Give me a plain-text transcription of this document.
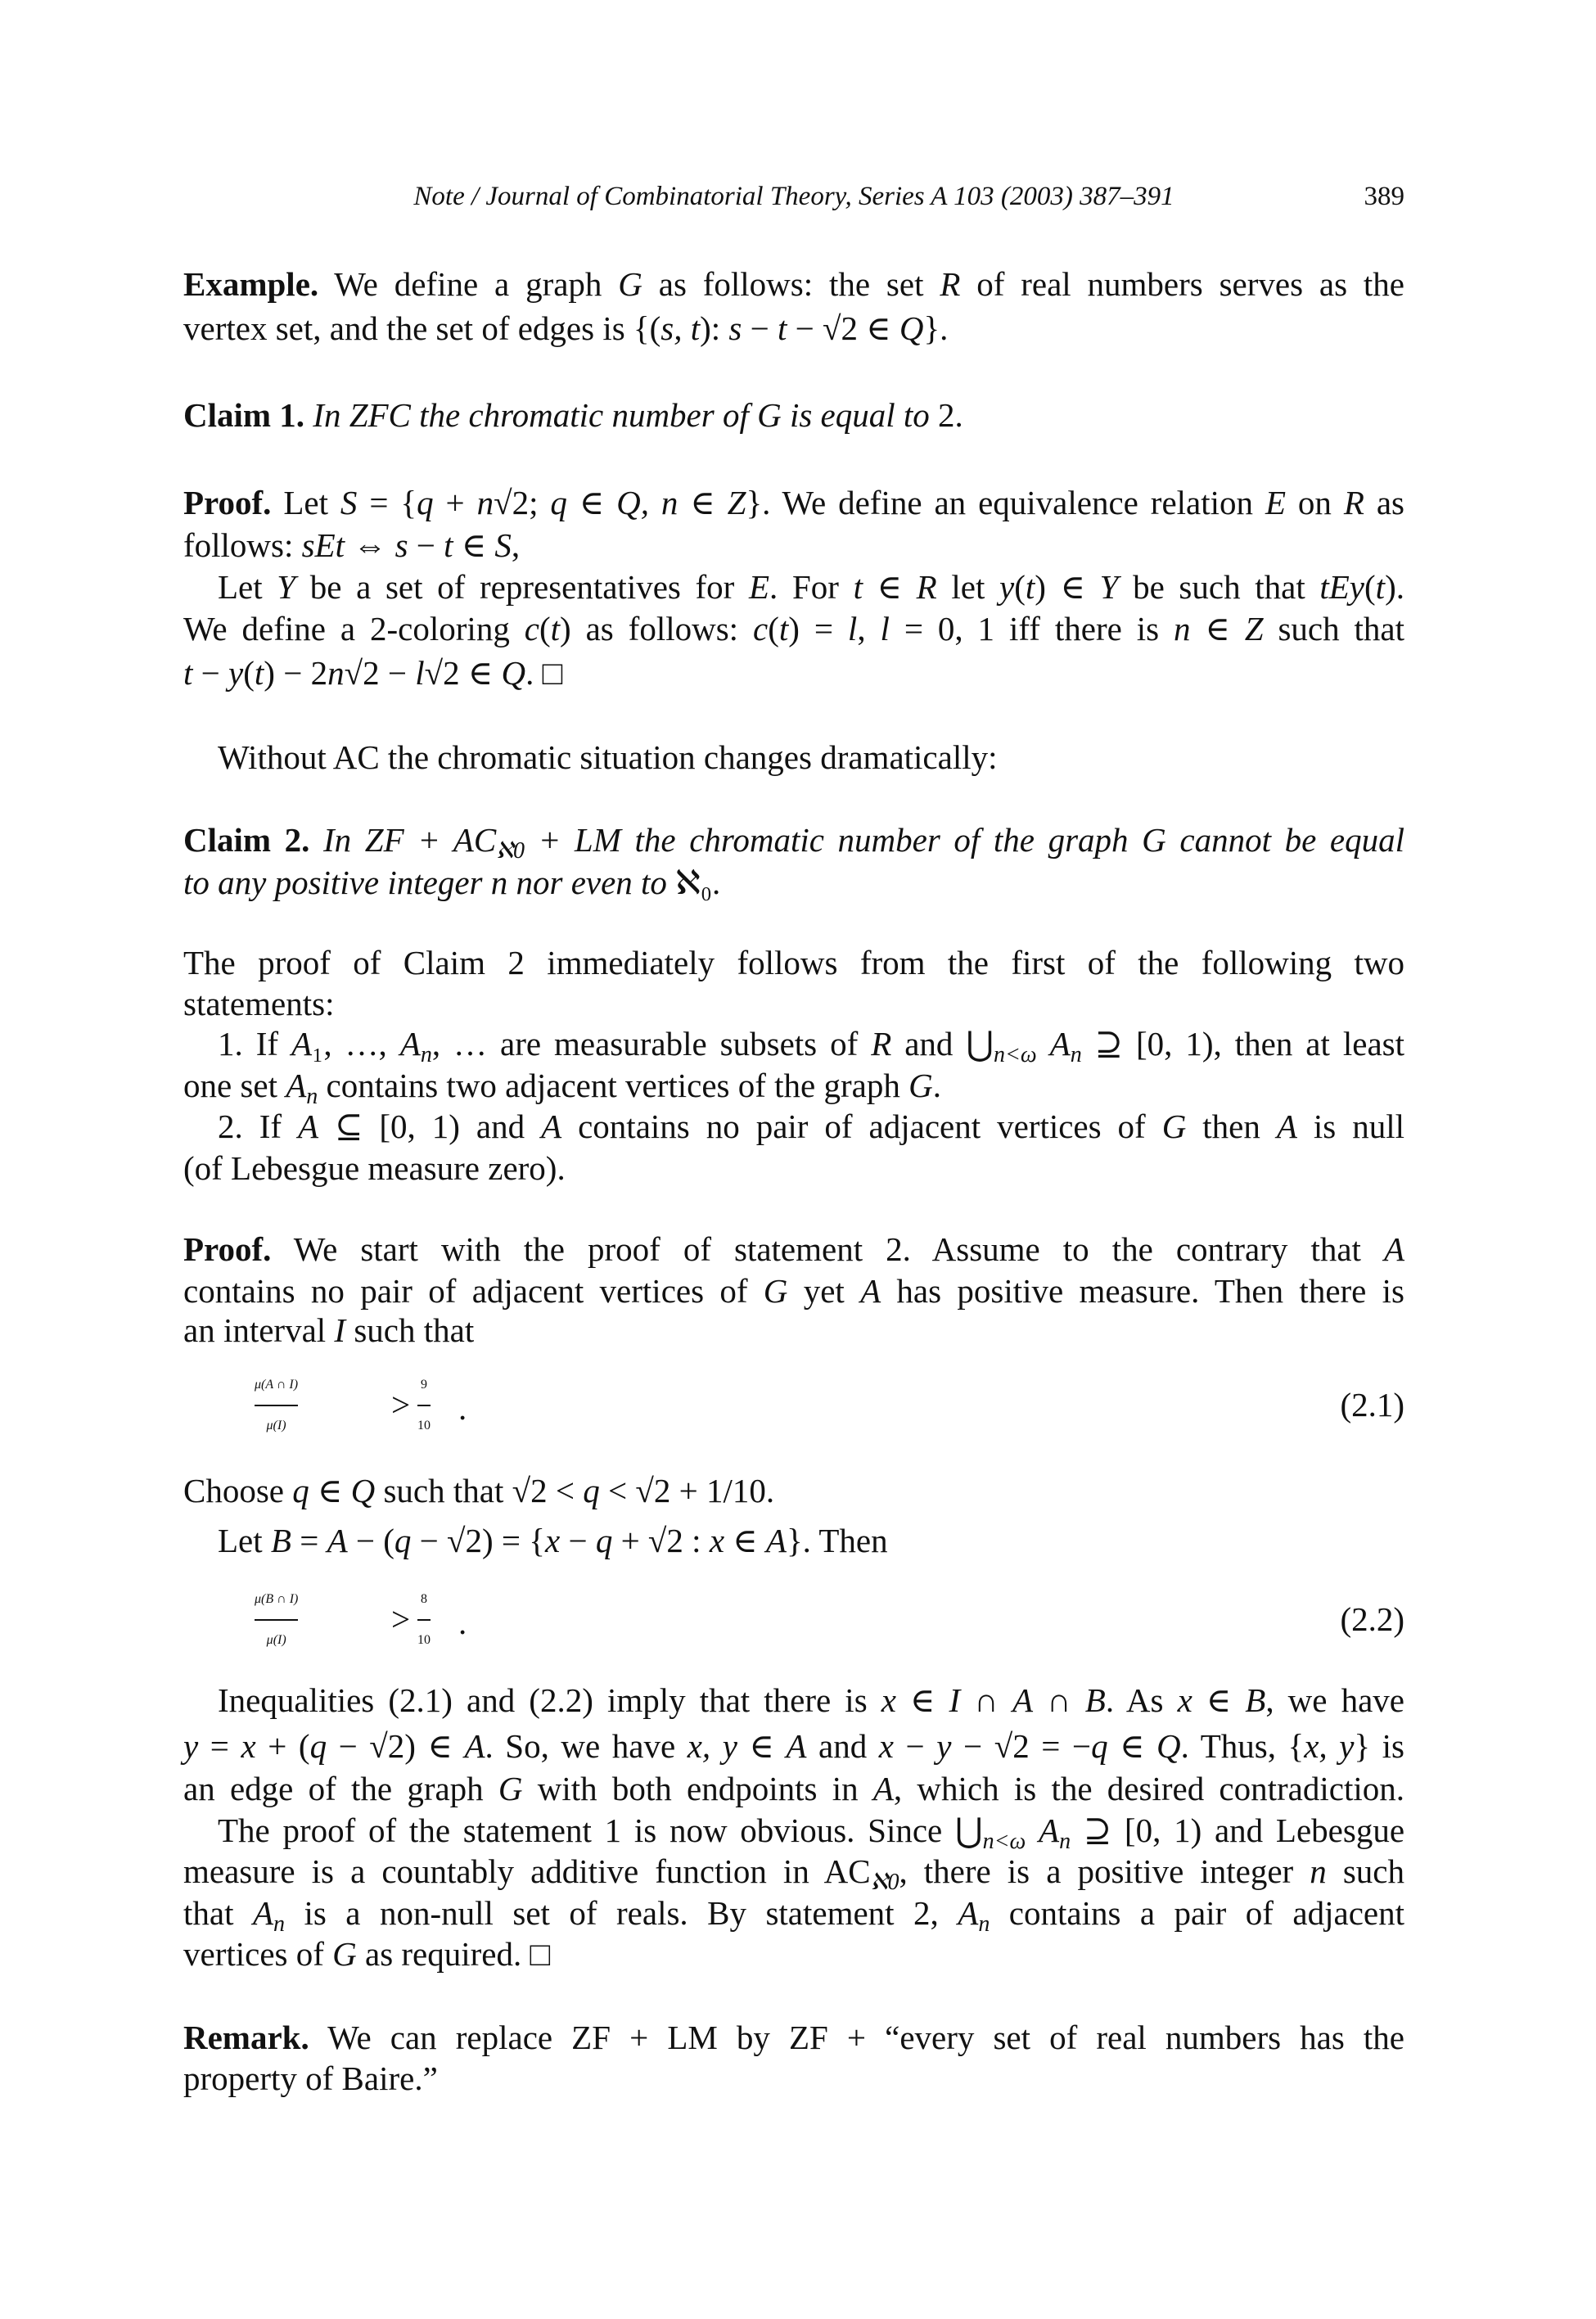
Note / Journal of Combinatorial Theory, Series A 103 (2003) 387–391	389
Example. We define a graph G as follows: the set R of real numbers serves as the
vertex set, and the set of edges is {(s, t): s − t − √2 ∈ Q}.
Claim 1. In ZFC the chromatic number of G is equal to 2.
Proof. Let S = {q + n√2; q ∈ Q, n ∈ Z}. We define an equivalence relation E on R as
follows: sEt ⇔ s − t ∈ S,
Let Y be a set of representatives for E. For t ∈ R let y(t) ∈ Y be such that tEy(t).
We define a 2-coloring c(t) as follows: c(t) = l, l = 0, 1 iff there is n ∈ Z such that
t − y(t) − 2n√2 − l√2 ∈ Q. □
Without AC the chromatic situation changes dramatically:
Claim 2. In ZF + $AC_{ℵ0}$ + LM the chromatic number of the graph G cannot be equal
to any positive integer n nor even to ℵ₀.
The proof of Claim 2 immediately follows from the first of the following two
statements:
1. If A₁, …, $A_n$, … are measurable subsets of R and $⋃_{n<\omega}$ $A_n$ ⊇ [0, 1), then at least
one set $A_n$ contains two adjacent vertices of the graph G.
2. If A ⊆ [0, 1) and A contains no pair of adjacent vertices of G then A is null
(of Lebesgue measure zero).
Proof. We start with the proof of statement 2. Assume to the contrary that A
contains no pair of adjacent vertices of G yet A has positive measure. Then there is
an interval I such that
Choose q ∈ Q such that √2 < q < √2 + 1/10.
Let B = A − (q − √2) = {x − q + √2 : x ∈ A}. Then
Inequalities (2.1) and (2.2) imply that there is x ∈ I ∩ A ∩ B. As x ∈ B, we have
y = x + (q − √2) ∈ A. So, we have x, y ∈ A and x − y − √2 = −q ∈ Q. Thus, {x, y} is
an edge of the graph G with both endpoints in A, which is the desired contradiction.
The proof of the statement 1 is now obvious. Since $⋃_{n<\omega}$ $A_n$ ⊇ [0, 1) and Lebesgue
measure is a countably additive function in $AC_{ℵ0}$, there is a positive integer n such
that $A_n$ is a non-null set of reals. By statement 2, $A_n$ contains a pair of adjacent
vertices of G as required. □
Remark. We can replace ZF + LM by ZF + “every set of real numbers has the
property of Baire.”
μ(A ∩ I)
μ(I)
>
9
10 .	(2.1)
μ(B ∩ I)
μ(I)
>
8
10 .	(2.2)
